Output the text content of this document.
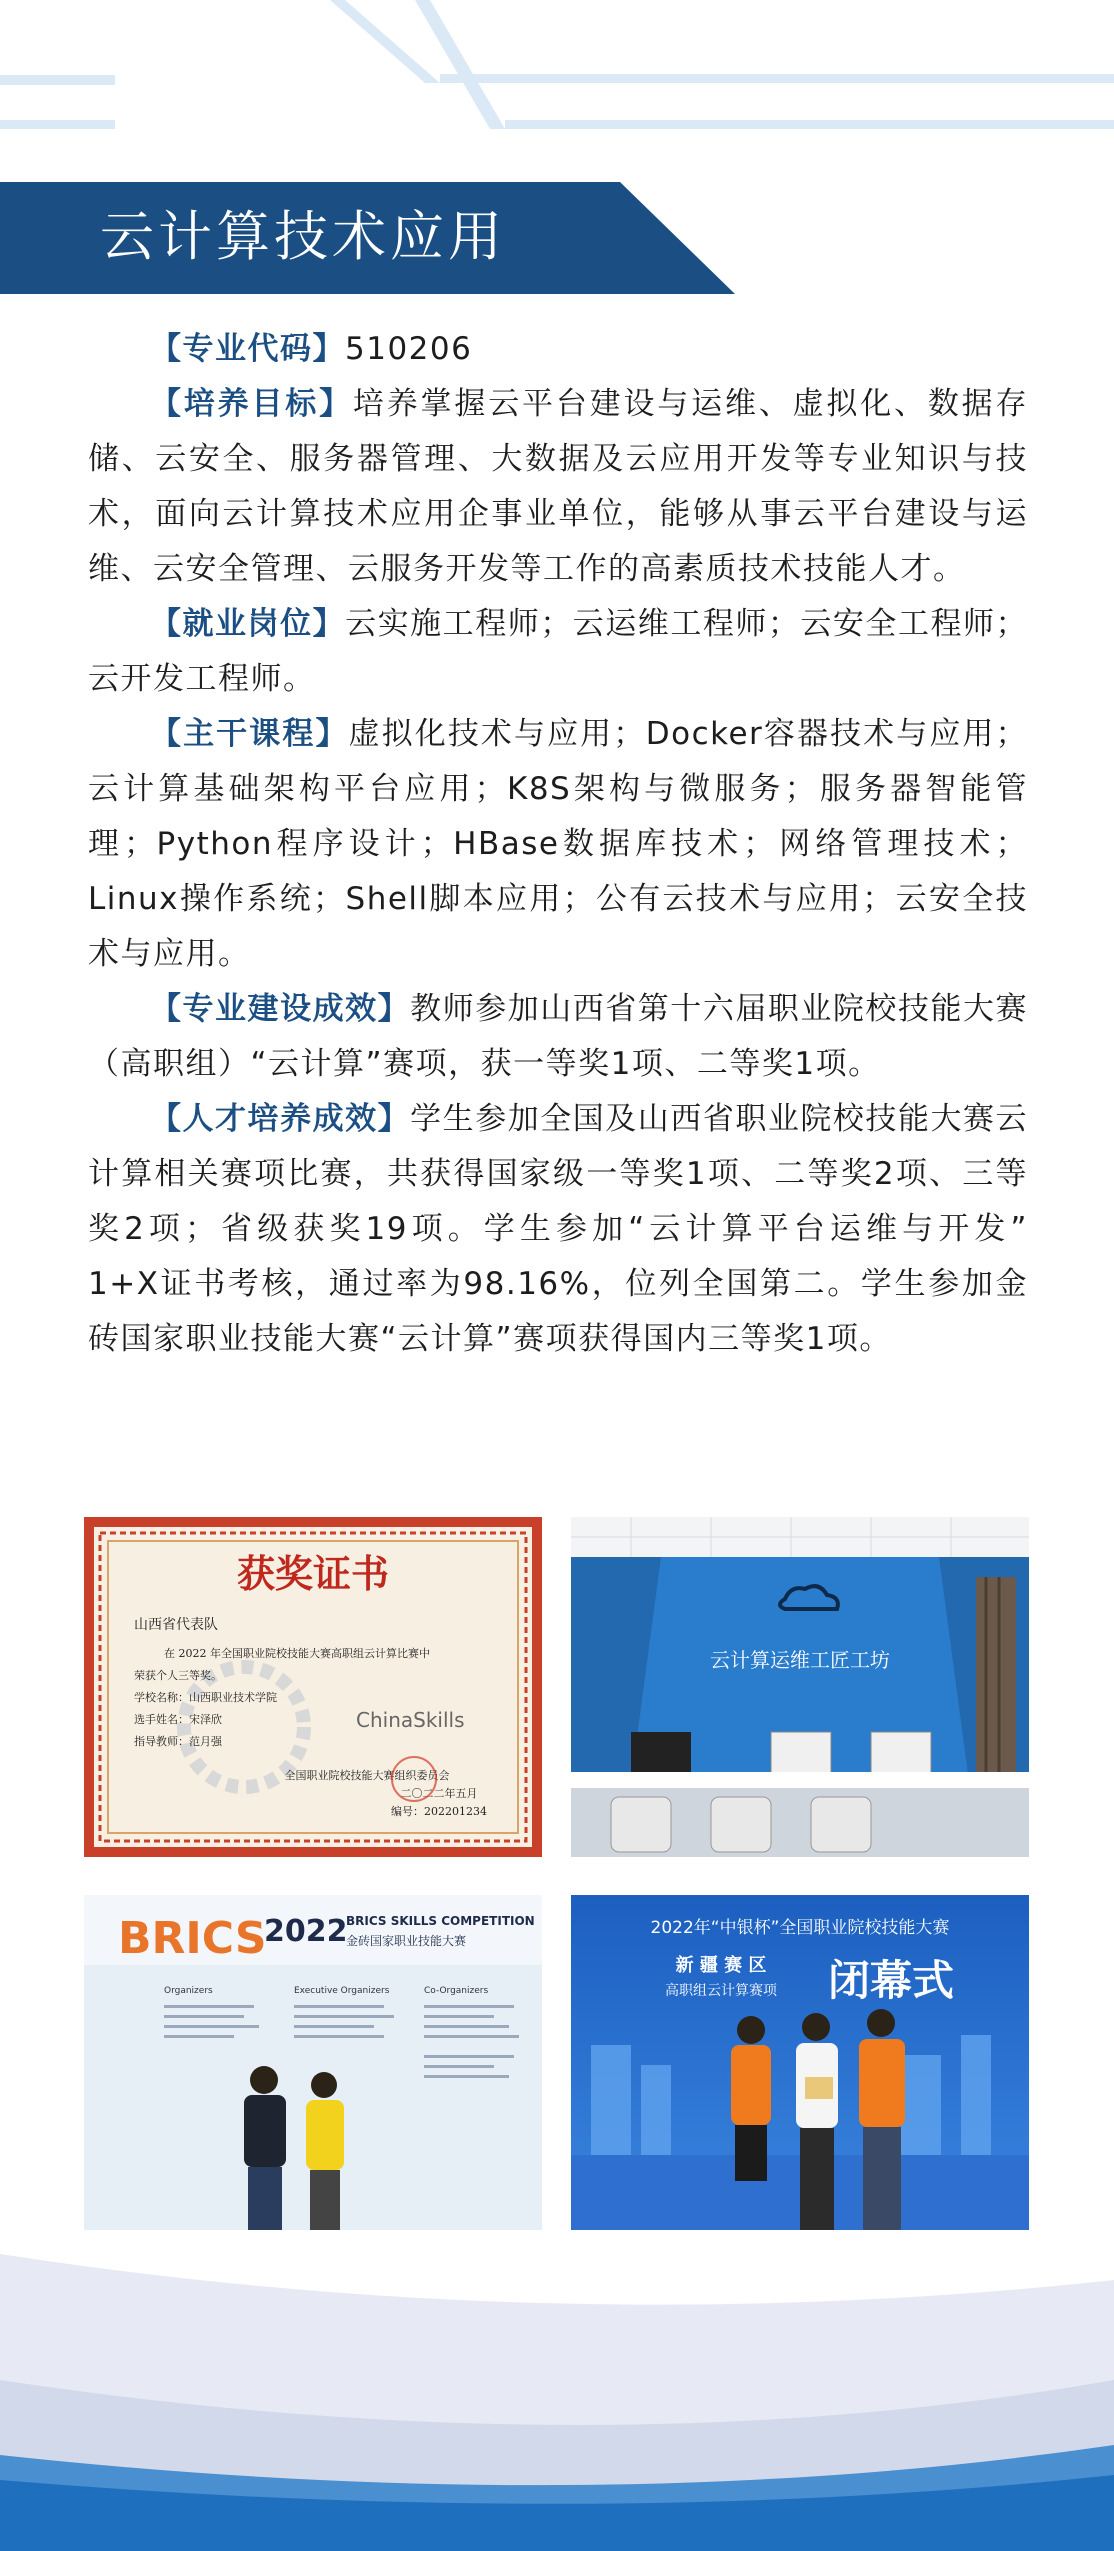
云计算技术应用

【专业代码】510206

【培养目标】培养掌握云平台建设与运维、虚拟化、数据存储、云安全、服务器管理、大数据及云应用开发等专业知识与技术，面向云计算技术应用企事业单位，能够从事云平台建设与运维、云安全管理、云服务开发等工作的高素质技术技能人才。

【就业岗位】云实施工程师；云运维工程师；云安全工程师；云开发工程师。

【主干课程】虚拟化技术与应用；Docker容器技术与应用；云计算基础架构平台应用；K8S架构与微服务；服务器智能管理；Python程序设计；HBase数据库技术；网络管理技术；Linux操作系统；Shell脚本应用；公有云技术与应用；云安全技术与应用。

【专业建设成效】教师参加山西省第十六届职业院校技能大赛（高职组）“云计算”赛项，获一等奖1项、二等奖1项。

【人才培养成效】学生参加全国及山西省职业院校技能大赛云计算相关赛项比赛，共获得国家级一等奖1项、二等奖2项、三等奖2项；省级获奖19项。学生参加“云计算平台运维与开发”　1+X证书考核，通过率为98.16%，位列全国第二。学生参加金砖国家职业技能大赛“云计算”赛项获得国内三等奖1项。

获奖证书
山西省代表队
在 2022 年全国职业院校技能大赛高职组云计算比赛中
荣获个人三等奖。
学校名称：山西职业技术学院
选手姓名：宋泽欣
指导教师：范月强
ChinaSkills
全国职业院校技能大赛组织委员会
二〇二二年五月
编号：202201234
云计算运维工匠工坊
BRICS
2022
BRICS SKILLS COMPETITION
金砖国家职业技能大赛
Organizers	Executive Organizers	Co-Organizers
2022年“中银杯”全国职业院校技能大赛
新 疆 赛 区
高职组云计算赛项 闭幕式
